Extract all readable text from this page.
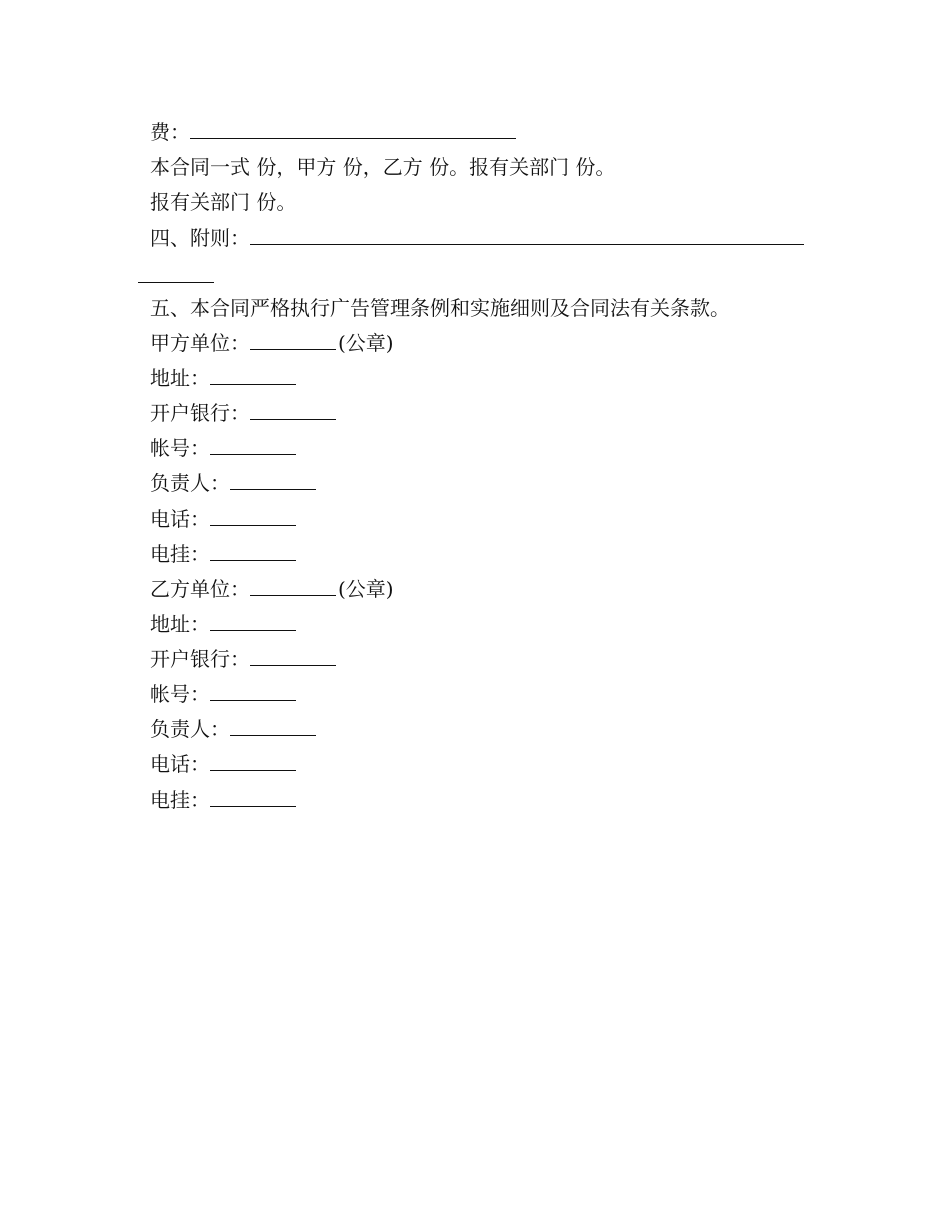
费：
本合同一式 份，甲方 份，乙方 份。报有关部门 份。
报有关部门 份。
四、附则：
五、本合同严格执行广告管理条例和实施细则及合同法有关条款。
甲方单位：	(公章)
地址：
开户银行：
帐号：
负责人：
电话：
电挂：
乙方单位：	(公章)
地址：
开户银行：
帐号：
负责人：
电话：
电挂：
